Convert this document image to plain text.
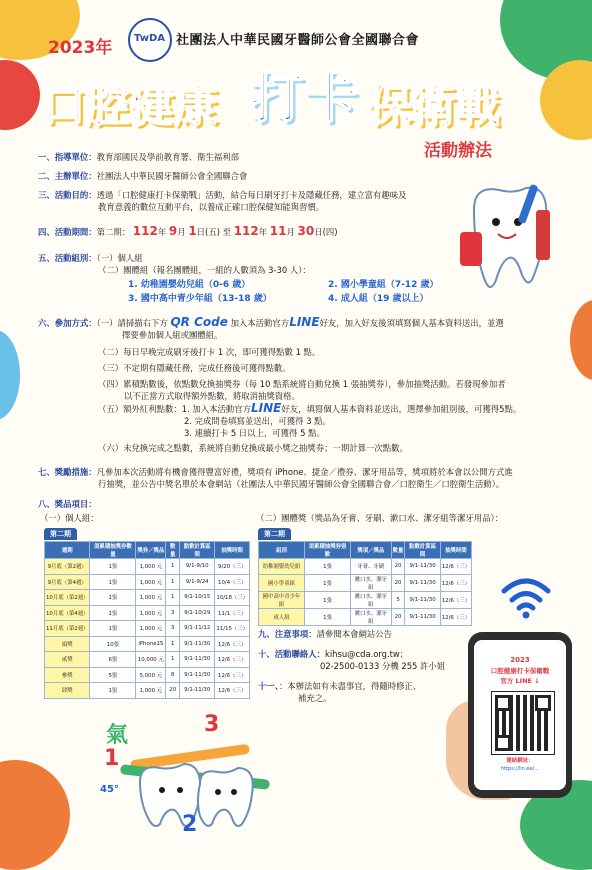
2023年 TwDA 社團法人中華民國牙醫師公會全國聯合會
口腔健康 打卡 保衛戰
活動辦法
一、指導單位：教育部國民及學前教育署、衛生福利部
二、主辦單位：社團法人中華民國牙醫師公會全國聯合會
三、活動目的：透過「口腔健康打卡保衛戰」活動，結合每日刷牙打卡及隱藏任務，建立富有趣味及
教育意義的數位互動平台，以養成正確口腔保健知能與習慣。
四、活動期間：第二期： 112年 9月 1日(五) 至 112年 11月 30日(四)
五、活動組別：（一）個人組
（二）團體組（報名團體組，一組的人數須為 3-30 人）：
1. 幼稚園嬰幼兒組（0-6 歲）	2. 國小學童組（7-12 歲）
3. 國中高中青少年組（13-18 歲）	4. 成人組（19 歲以上）
六、參加方式：（一）請掃描右下方 QR Code 加入本活動官方LINE好友，加入好友後須填寫個人基本資料送出，並選
擇要參加個人組或團體組。
（二）每日早晚完成刷牙後打卡 1 次，即可獲得點數 1 點。
（三）不定期有隱藏任務，完成任務後可獲得點數。
（四）累積點數後，依點數兌換抽獎券（每 10 點系統將自動兌換 1 張抽獎券），參加抽獎活動。若發現參加者
以不正當方式取得額外點數，將取消抽獎資格。
（五）額外紅利點數：1. 加入本活動官方LINE好友，填寫個人基本資料並送出，選擇參加組別後，可獲得5點。
2. 完成問卷填寫並送出，可獲得 3 點。
3. 連續打卡 5 日以上，可獲得 5 點。
（六）未兌換完成之點數，系統將自動兌換成最小獎之抽獎券；一期計算一次點數。
七、獎勵措施：凡參加本次活動將有機會獲得豐富好禮，獎項有 iPhone、捷金／禮券、潔牙用品等，獎項將於本會以公開方式進
行抽獎，並公告中獎名單於本會網站（社團法人中華民國牙醫師公會全國聯合會／口腔衛生／口腔衛生活動）。
八、獎品項目：
（一）個人組：	（二）團體獎（獎品為牙膏、牙刷、漱口水、潔牙組等潔牙用品）：
第二期
週期	須累積抽獎券數量	獎券／獎品	數量	點數計算區間	抽獎時間
9月底（第2週）	1張	1,000 元	1	9/1-9/10	9/20（三）
9月底（第4週）	1張	1,000 元	1	9/1-9/24	10/4（三）
10月底（第2週）	1張	1,000 元	1	9/1-10/15	10/18（三）
10月底（第4週）	1張	1,000 元	3	9/1-10/29	11/1（三）
11月底（第2週）	1張	1,000 元	3	9/1-11/12	11/15（三）
頭獎	10張	iPhone15	1	9/1-11/30	12/6（三）
貳獎	6張	10,000 元	1	9/1-11/30	12/6（三）
參獎	5張	5,000 元	8	9/1-11/30	12/6（三）
肆獎	1張	1,000 元	20	9/1-11/30	12/6（三）
第二期
組別	須累積抽獎券張數	獎項／獎品	數量	點數計算區間	抽獎時間
幼稚園嬰幼兒組	1張	牙膏、牙刷	20	9/1-11/30	12/6（三）
國小學童組	1張	漱口水、潔牙組	20	9/1-11/30	12/6（三）
國中高中青少年組	1張	漱口水、潔牙組	5	9/1-11/30	12/6（三）
成人組	1張	漱口水、潔牙組	20	9/1-11/30	12/6（三）
九、注意事項：請參閱本會網站公告
十、活動聯絡人：kihsu@cda.org.tw；
02-2500-0133 分機 255 許小姐
十一、：本辦法如有未盡事宜，得隨時修正、
補充之。
2023
口腔健康打卡保衛戰
官方 LINE ↓
連結網址：
https://lin.ee/...
氣
1
45°
3
2
